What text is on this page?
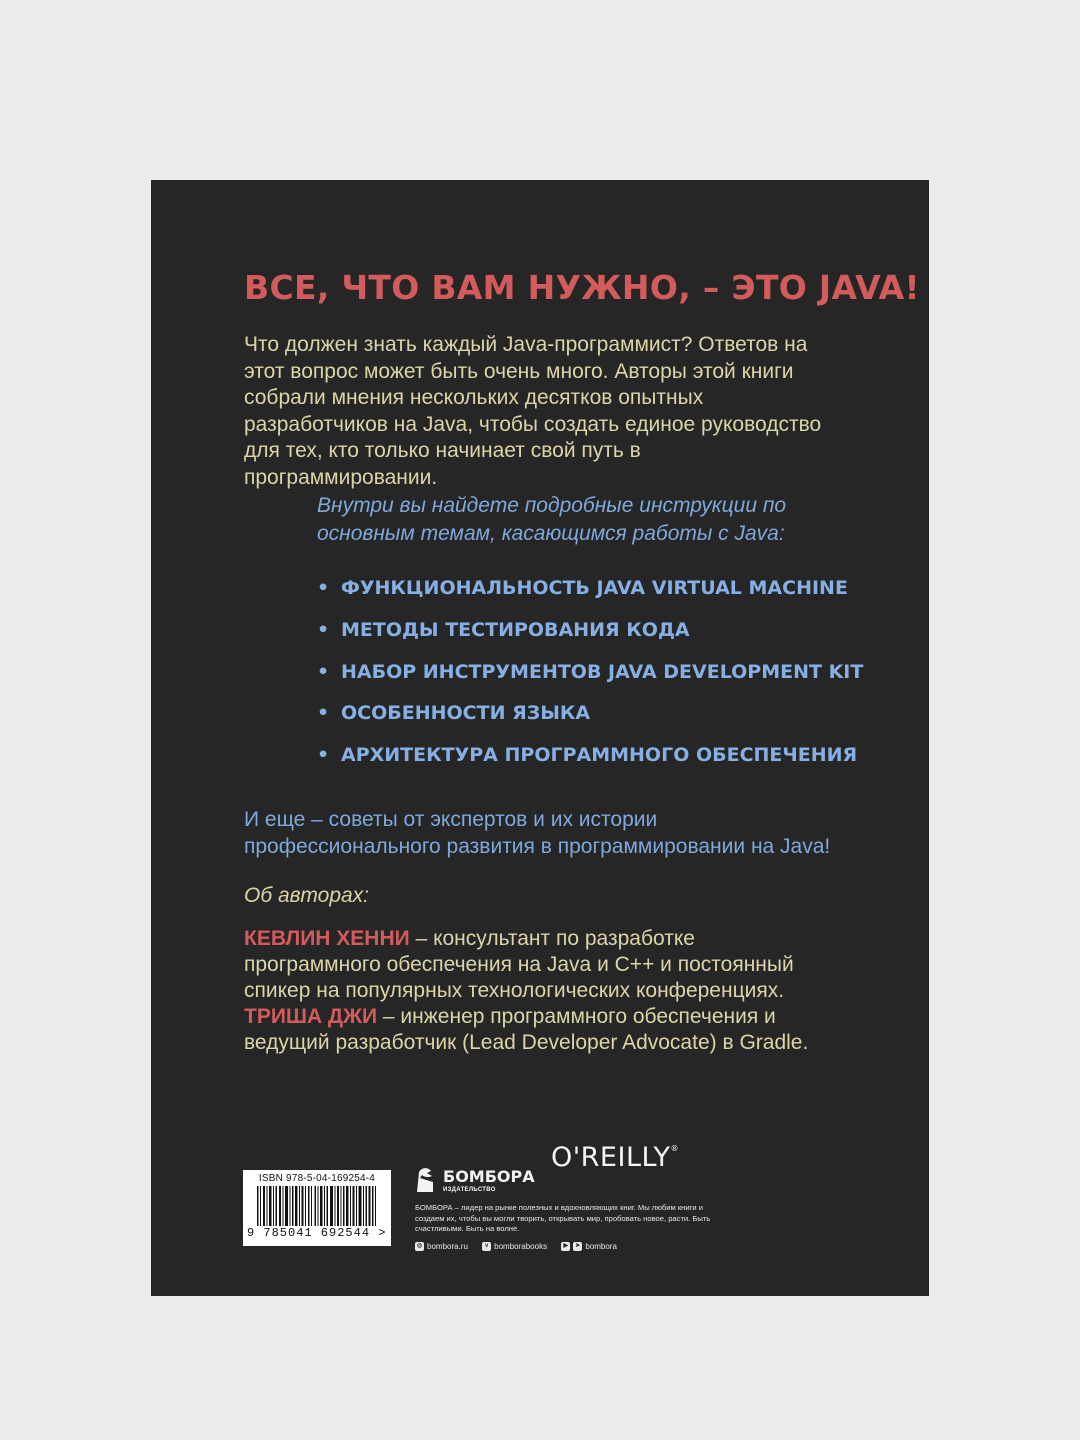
ВСЕ, ЧТО ВАМ НУЖНО, – ЭТО JAVA!
Что должен знать каждый Java-программист? Ответов на этот вопрос может быть очень много. Авторы этой книги собрали мнения нескольких десятков опытных разработчиков на Java, чтобы создать единое руководство для тех, кто только начинает свой путь в программировании.
Внутри вы найдете подробные инструкции по основным темам, касающимся работы с Java:
• ФУНКЦИОНАЛЬНОСТЬ JAVA VIRTUAL MACHINE
• МЕТОДЫ ТЕСТИРОВАНИЯ КОДА
• НАБОР ИНСТРУМЕНТОВ JAVA DEVELOPMENT KIT
• ОСОБЕННОСТИ ЯЗЫКА
• АРХИТЕКТУРА ПРОГРАММНОГО ОБЕСПЕЧЕНИЯ
И еще – советы от экспертов и их истории профессионального развития в программировании на Java!
Об авторах:
КЕВЛИН ХЕННИ – консультант по разработке программного обеспечения на Java и C++ и постоянный спикер на популярных технологических конференциях.
ТРИША ДЖИ – инженер программного обеспечения и ведущий разработчик (Lead Developer Advocate) в Gradle.
ISBN 978-5-04-169254-4
9 785041 692544 >
БОМБОРА
ИЗДАТЕЛЬСТВО
O'REILLY®
БОМБОРА – лидер на рынке полезных и вдохновляющих книг. Мы любим книги и создаем их, чтобы вы могли творить, открывать мир, пробовать новое, расти. Быть счастливыми. Быть на волне.
◎ bombora.ru
	v bomborabooks
	▶	➤ bombora
